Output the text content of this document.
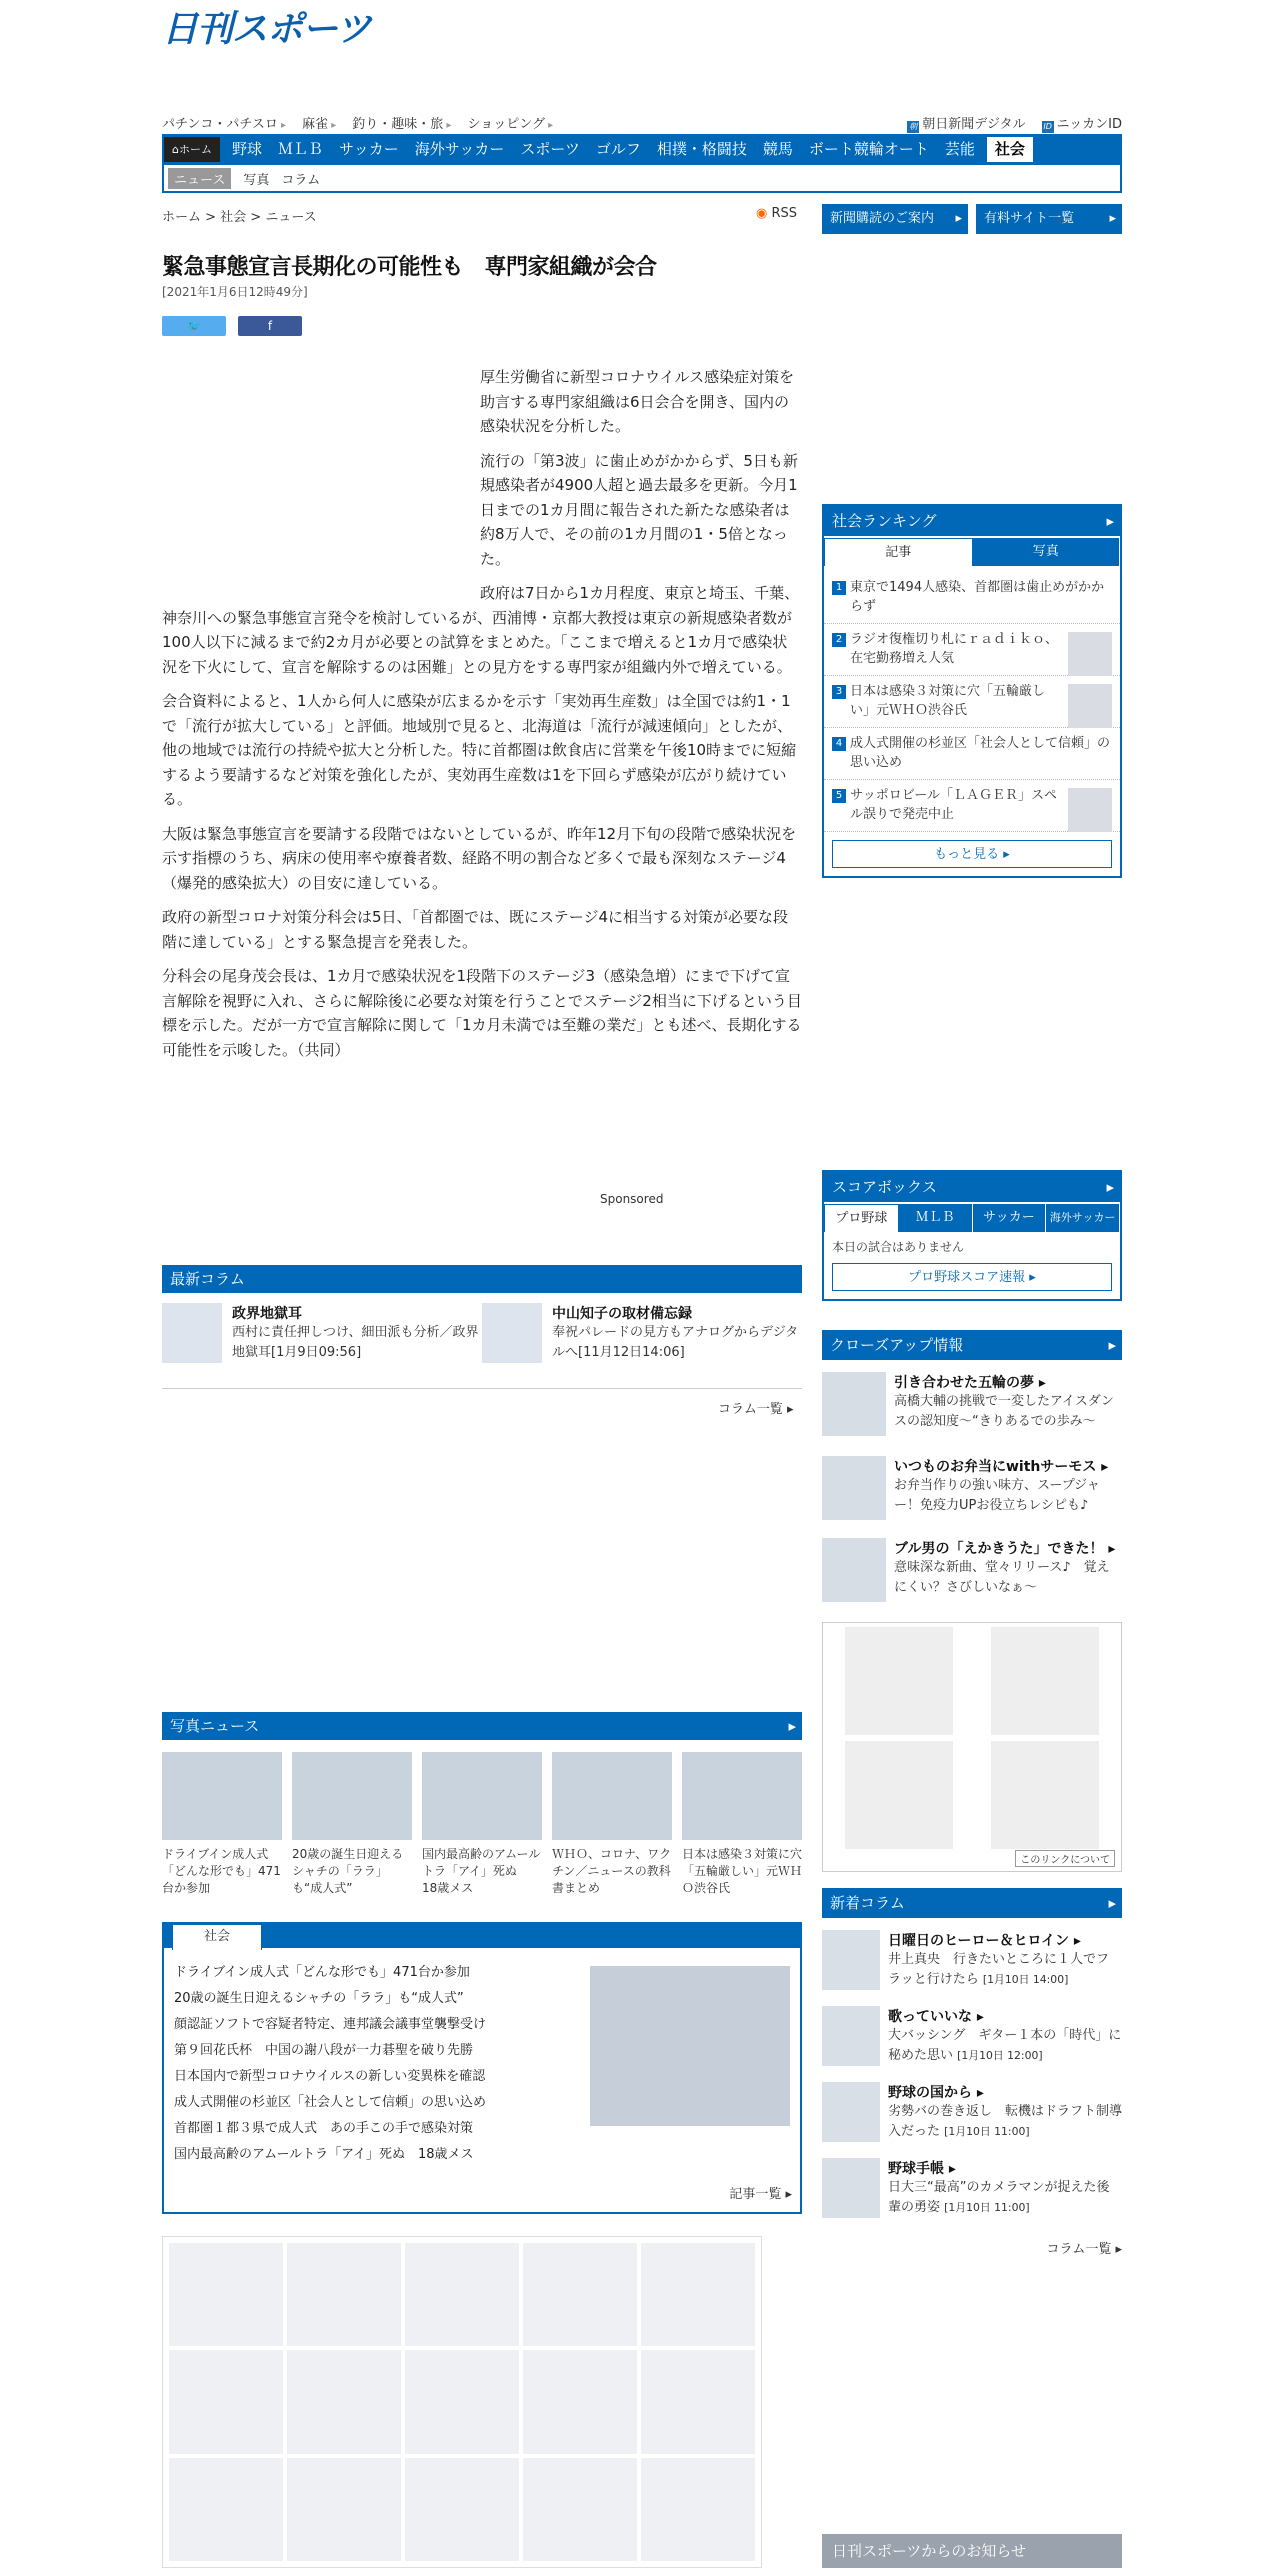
日刊スポーツ
パチンコ・パチスロ ▸ 麻雀 ▸ 釣り・趣味・旅 ▸ ショッピング ▸	朝 朝日新聞デジタル ID ニッカンID
⌂ホーム	野球	ＭＬＢ	サッカー	海外サッカー	スポーツ	ゴルフ	相撲・格闘技	競馬	ボート競輪オート	芸能	社会
ニュース	写真 コラム
ホーム > 社会 > ニュース
◉	RSS
緊急事態宣言長期化の可能性も　専門家組織が会合
[2021年1月6日12時49分]
🐦	f

厚生労働省に新型コロナウイルス感染症対策を助言する専門家組織は6日会合を開き、国内の感染状況を分析した。

流行の「第3波」に歯止めがかからず、5日も新規感染者が4900人超と過去最多を更新。今月1日までの1カ月間に報告された新たな感染者は約8万人で、その前の1カ月間の1・5倍となった。

政府は7日から1カ月程度、東京と埼玉、千葉、神奈川への緊急事態宣言発令を検討しているが、西浦博・京都大教授は東京の新規感染者数が100人以下に減るまで約2カ月が必要との試算をまとめた。「ここまで増えると1カ月で感染状況を下火にして、宣言を解除するのは困難」との見方をする専門家が組織内外で増えている。

会合資料によると、1人から何人に感染が広まるかを示す「実効再生産数」は全国では約1・1で「流行が拡大している」と評価。地域別で見ると、北海道は「流行が減速傾向」としたが、他の地域では流行の持続や拡大と分析した。特に首都圏は飲食店に営業を午後10時までに短縮するよう要請するなど対策を強化したが、実効再生産数は1を下回らず感染が広がり続けている。

大阪は緊急事態宣言を要請する段階ではないとしているが、昨年12月下旬の段階で感染状況を示す指標のうち、病床の使用率や療養者数、経路不明の割合など多くで最も深刻なステージ4（爆発的感染拡大）の目安に達している。

政府の新型コロナ対策分科会は5日、「首都圏では、既にステージ4に相当する対策が必要な段階に達している」とする緊急提言を発表した。

分科会の尾身茂会長は、1カ月で感染状況を1段階下のステージ3（感染急増）にまで下げて宣言解除を視野に入れ、さらに解除後に必要な対策を行うことでステージ2相当に下げるという目標を示した。だが一方で宣言解除に関して「1カ月未満では至難の業だ」とも述べ、長期化する可能性を示唆した。（共同）

Sponsored
最新コラム
政界地獄耳

西村に責任押しつけ、細田派も分析／政界地獄耳[1月9日09:56]

中山知子の取材備忘録

奉祝パレードの見方もアナログからデジタルへ[11月12日14:06]

コラム一覧 ▸
写真ニュース ▸

ドライブイン成人式「どんな形でも」471台か参加

20歳の誕生日迎えるシャチの「ララ」も“成人式”

国内最高齢のアムールトラ「アイ」死ぬ　18歳メス

ＷＨＯ、コロナ、ワクチン／ニュースの教科書まとめ

日本は感染３対策に穴「五輪厳しい」元ＷＨＯ渋谷氏

社会
ドライブイン成人式「どんな形でも」471台か参加
20歳の誕生日迎えるシャチの「ララ」も“成人式”
顔認証ソフトで容疑者特定、連邦議会議事堂襲撃受け
第９回花氏杯　中国の謝八段が一力碁聖を破り先勝
日本国内で新型コロナウイルスの新しい変異株を確認
成人式開催の杉並区「社会人として信頼」の思い込め
首都圏１都３県で成人式　あの手この手で感染対策
国内最高齢のアムールトラ「アイ」死ぬ　18歳メス
記事一覧 ▸
新聞購読のご案内 ▸	有料サイト一覧 ▸
社会ランキング ▸
記事	写真
1 東京で1494人感染、首都圏は歯止めがかからず

2 ラジオ復権切り札にｒａｄｉｋｏ、在宅勤務増え人気

3 日本は感染３対策に穴「五輪厳しい」元ＷＨＯ渋谷氏

4 成人式開催の杉並区「社会人として信頼」の思い込め

5 サッポロビール「ＬＡＧＥＲ」スペル誤りで発売中止

もっと見る ▸
スコアボックス ▸
プロ野球	ＭＬＢ	サッカー	海外サッカー
本日の試合はありません
プロ野球スコア速報 ▸
クローズアップ情報 ▸
引き合わせた五輪の夢 ▸

高橋大輔の挑戦で一変したアイスダンスの認知度～“きりあるでの歩み～

いつものお弁当にwithサーモス ▸

お弁当作りの強い味方、スープジャー！免疫力UPお役立ちレシピも♪

ブル男の「えかきうた」できた！ ▸

意味深な新曲、堂々リリース♪　覚えにくい？さびしいなぁ～

このリンクについて
新着コラム ▸
日曜日のヒーロー＆ヒロイン ▸

井上真央　行きたいところに１人でフラッと行けたら [1月10日 14:00]

歌っていいな ▸

大バッシング　ギター１本の「時代」に秘めた思い [1月10日 12:00]

野球の国から ▸

劣勢バの巻き返し　転機はドラフト制導入だった [1月10日 11:00]

野球手帳 ▸

日大三“最高”のカメラマンが捉えた後輩の勇姿 [1月10日 11:00]

コラム一覧 ▸
日刊スポーツからのお知らせ
